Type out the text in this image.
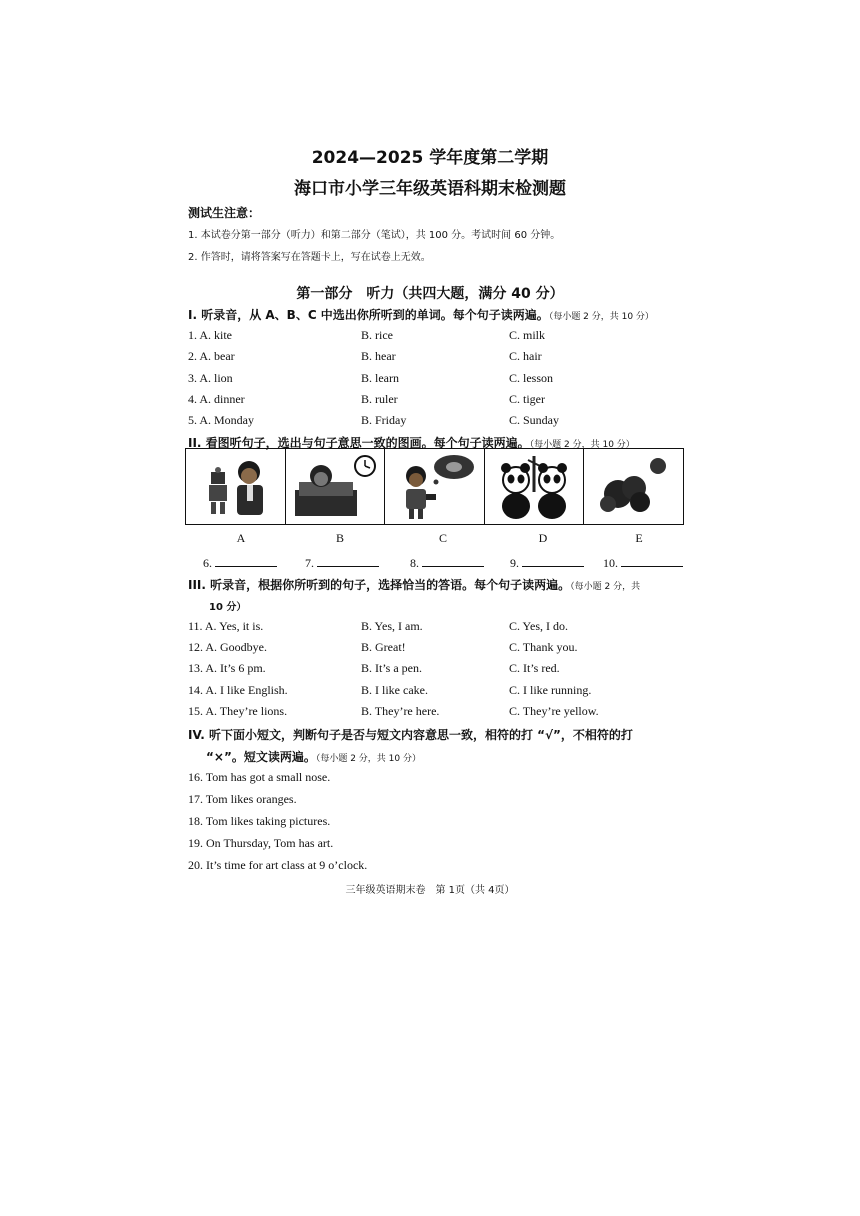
2024—2025 学年度第二学期
海口市小学三年级英语科期末检测题
测试生注意：
1. 本试卷分第一部分（听力）和第二部分（笔试），共 100 分。考试时间 60 分钟。
2. 作答时，请将答案写在答题卡上，写在试卷上无效。
第一部分　听力（共四大题，满分 40 分）
I. 听录音，从 A、B、C 中选出你所听到的单词。每个句子读两遍。（每小题 2 分，共 10 分）
1. A. kite	B. rice	C. milk
2. A. bear	B. hear	C. hair
3. A. lion	B. learn	C. lesson
4. A. dinner	B. ruler	C. tiger
5. A. Monday	B. Friday	C. Sunday
II. 看图听句子，选出与句子意思一致的图画。每个句子读两遍。（每小题 2 分，共 10 分）
A	B	C	D	E
6.	7.	8.	9.	10.
III. 听录音，根据你所听到的句子，选择恰当的答语。每个句子读两遍。（每小题 2 分，共
10 分）
11. A. Yes, it is.	B. Yes, I am.	C. Yes, I do.
12. A. Goodbye.	B. Great!	C. Thank you.
13. A. It’s 6 pm.	B. It’s a pen.	C. It’s red.
14. A. I like English.	B. I like cake.	C. I like running.
15. A. They’re lions.	B. They’re here.	C. They’re yellow.
IV. 听下面小短文，判断句子是否与短文内容意思一致，相符的打 “√”，不相符的打
“×”。短文读两遍。（每小题 2 分，共 10 分）
16. Tom has got a small nose.
17. Tom likes oranges.
18. Tom likes taking pictures.
19. On Thursday, Tom has art.
20. It’s time for art class at 9 o’clock.
三年级英语期末卷　第 1页（共 4页）
